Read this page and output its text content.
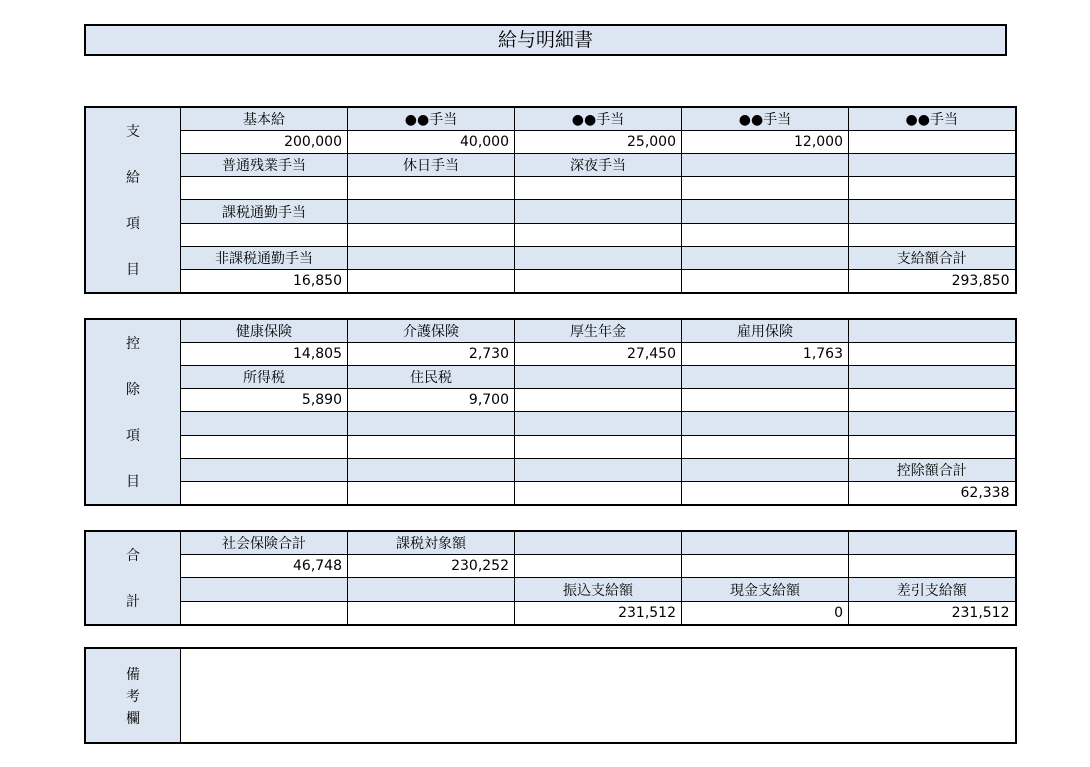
給与明細書
支
給
項
目	基本給	●●手当	●●手当	●●手当	●●手当
	200,000	40,000	25,000	12,000	
	普通残業手当	休日手当	深夜手当		

	課税通勤手当				

	非課税通勤手当				支給額合計
	16,850				293,850
控
除
項
目	健康保険	介護保険	厚生年金	雇用保険	
	14,805	2,730	27,450	1,763	
	所得税	住民税			
	5,890	9,700			

					控除額合計
					62,338
合
計	社会保険合計	課税対象額			
	46,748	230,252			
			振込支給額	現金支給額	差引支給額
			231,512	0	231,512
備
考
欄
